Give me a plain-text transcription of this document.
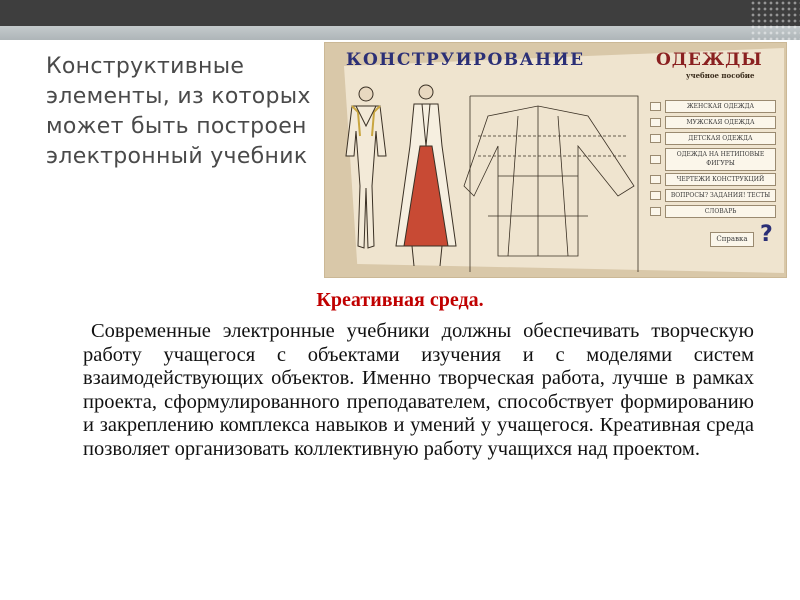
Конструктивные элементы, из которых может быть построен электронный учебник
КОНСТРУИРОВАНИЕ	ОДЕЖДЫ
учебное пособие
ЖЕНСКАЯ ОДЕЖДА
МУЖСКАЯ ОДЕЖДА
ДЕТСКАЯ ОДЕЖДА
ОДЕЖДА НА НЕТИПОВЫЕ ФИГУРЫ
ЧЕРТЕЖИ КОНСТРУКЦИЙ
ВОПРОСЫ? ЗАДАНИЯ! ТЕСТЫ
СЛОВАРЬ
Справка ?
Креативная среда.

Современные электронные учебники должны обеспечивать творческую работу учащегося с объектами изучения и с моделями систем взаимодействующих объектов. Именно творческая работа, лучше в рамках проекта, сформулированного преподавателем, способствует формированию и закреплению комплекса навыков и умений у учащегося. Креативная среда позволяет организовать коллективную работу учащихся над проектом.
